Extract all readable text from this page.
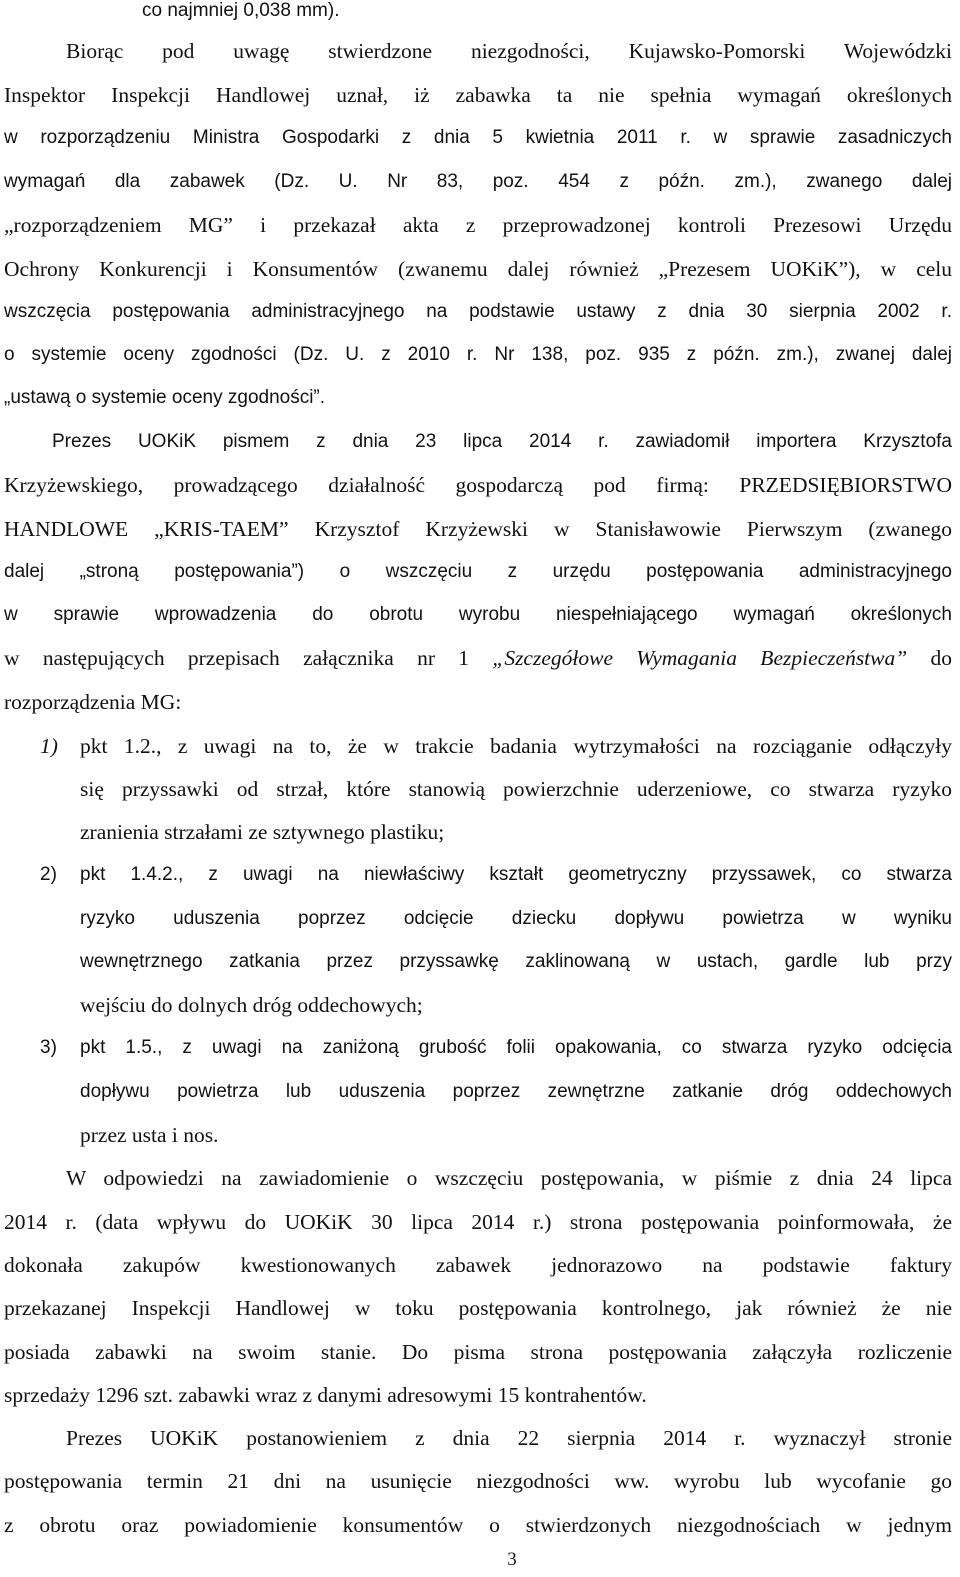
co najmniej 0,038 mm).
Biorąc pod uwagę stwierdzone niezgodności, Kujawsko-Pomorski Wojewódzki
Inspektor Inspekcji Handlowej uznał, iż zabawka ta nie spełnia wymagań określonych
w rozporządzeniu Ministra Gospodarki z dnia 5 kwietnia 2011 r. w sprawie zasadniczych
wymagań dla zabawek (Dz. U. Nr 83, poz. 454 z późn. zm.), zwanego dalej
„rozporządzeniem MG” i przekazał akta z przeprowadzonej kontroli Prezesowi Urzędu
Ochrony Konkurencji i Konsumentów (zwanemu dalej również „Prezesem UOKiK”), w celu
wszczęcia postępowania administracyjnego na podstawie ustawy z dnia 30 sierpnia 2002 r.
o systemie oceny zgodności (Dz. U. z 2010 r. Nr 138, poz. 935 z późn. zm.), zwanej dalej
„ustawą o systemie oceny zgodności”.
Prezes UOKiK pismem z dnia 23 lipca 2014 r. zawiadomił importera Krzysztofa
Krzyżewskiego, prowadzącego działalność gospodarczą pod firmą: PRZEDSIĘBIORSTWO
HANDLOWE „KRIS-TAEM” Krzysztof Krzyżewski w Stanisławowie Pierwszym (zwanego
dalej „stroną postępowania”) o wszczęciu z urzędu postępowania administracyjnego
w sprawie wprowadzenia do obrotu wyrobu niespełniającego wymagań określonych
w następujących przepisach załącznika nr 1 „Szczegółowe Wymagania Bezpieczeństwa” do
rozporządzenia MG:
1) pkt 1.2., z uwagi na to, że w trakcie badania wytrzymałości na rozciąganie odłączyły
się przyssawki od strzał, które stanowią powierzchnie uderzeniowe, co stwarza ryzyko
zranienia strzałami ze sztywnego plastiku;
2) pkt 1.4.2., z uwagi na niewłaściwy kształt geometryczny przyssawek, co stwarza
ryzyko uduszenia poprzez odcięcie dziecku dopływu powietrza w wyniku
wewnętrznego zatkania przez przyssawkę zaklinowaną w ustach, gardle lub przy
wejściu do dolnych dróg oddechowych;
3) pkt 1.5., z uwagi na zaniżoną grubość folii opakowania, co stwarza ryzyko odcięcia
dopływu powietrza lub uduszenia poprzez zewnętrzne zatkanie dróg oddechowych
przez usta i nos.
W odpowiedzi na zawiadomienie o wszczęciu postępowania, w piśmie z dnia 24 lipca
2014 r. (data wpływu do UOKiK 30 lipca 2014 r.) strona postępowania poinformowała, że
dokonała zakupów kwestionowanych zabawek jednorazowo na podstawie faktury
przekazanej Inspekcji Handlowej w toku postępowania kontrolnego, jak również że nie
posiada zabawki na swoim stanie. Do pisma strona postępowania załączyła rozliczenie
sprzedaży 1296 szt. zabawki wraz z danymi adresowymi 15 kontrahentów.
Prezes UOKiK postanowieniem z dnia 22 sierpnia 2014 r. wyznaczył stronie
postępowania termin 21 dni na usunięcie niezgodności ww. wyrobu lub wycofanie go
z obrotu oraz powiadomienie konsumentów o stwierdzonych niezgodnościach w jednym
3
